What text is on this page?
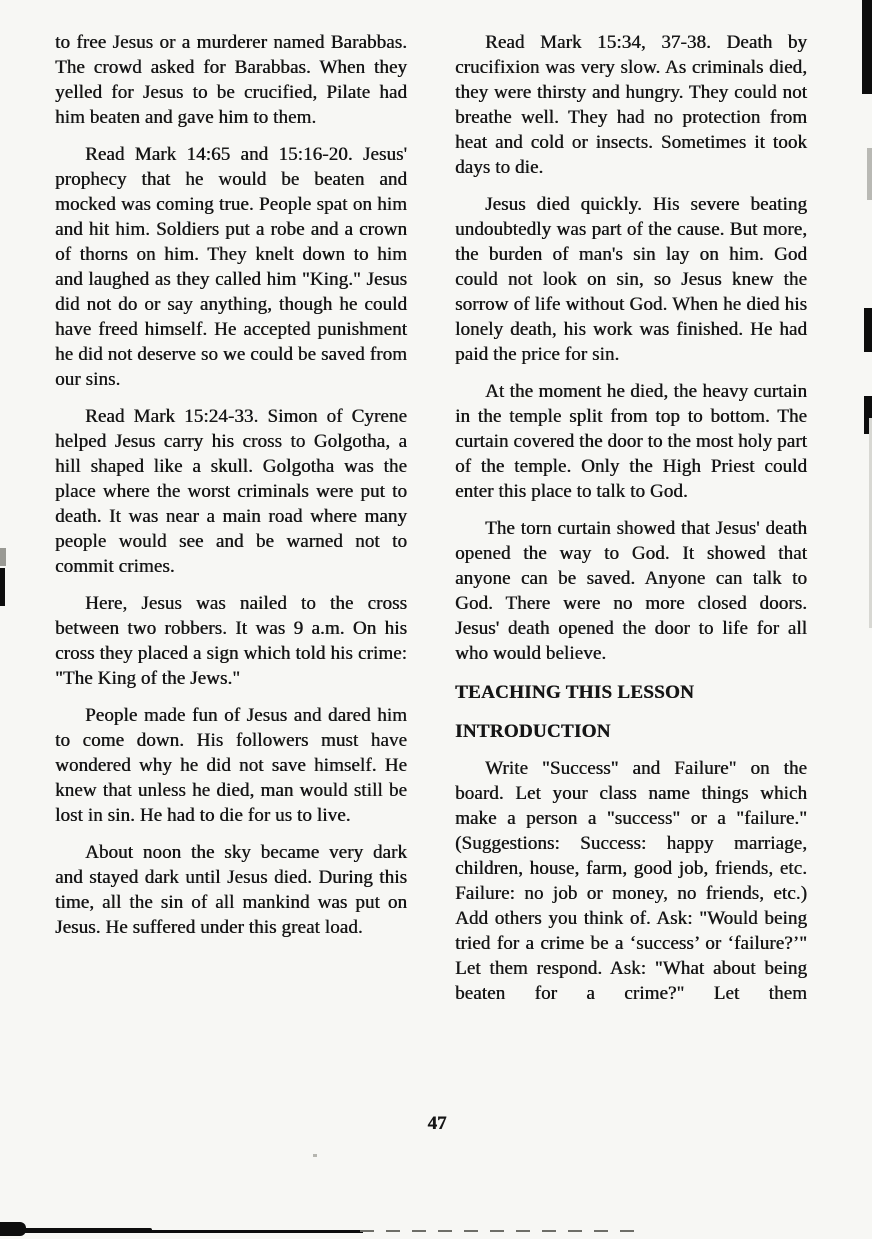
to free Jesus or a murderer named Barabbas. The crowd asked for Barabbas. When they yelled for Jesus to be crucified, Pilate had him beaten and gave him to them.

Read Mark 14:65 and 15:16-20. Jesus' prophecy that he would be beaten and mocked was coming true. People spat on him and hit him. Soldiers put a robe and a crown of thorns on him. They knelt down to him and laughed as they called him "King." Jesus did not do or say anything, though he could have freed himself. He accepted punishment he did not deserve so we could be saved from our sins.

Read Mark 15:24-33. Simon of Cyrene helped Jesus carry his cross to Golgotha, a hill shaped like a skull. Golgotha was the place where the worst criminals were put to death. It was near a main road where many people would see and be warned not to commit crimes.

Here, Jesus was nailed to the cross between two robbers. It was 9 a.m. On his cross they placed a sign which told his crime: "The King of the Jews."

People made fun of Jesus and dared him to come down. His followers must have wondered why he did not save himself. He knew that unless he died, man would still be lost in sin. He had to die for us to live.

About noon the sky became very dark and stayed dark until Jesus died. During this time, all the sin of all mankind was put on Jesus. He suffered under this great load.

Read Mark 15:34, 37-38. Death by crucifixion was very slow. As criminals died, they were thirsty and hungry. They could not breathe well. They had no protection from heat and cold or insects. Sometimes it took days to die.

Jesus died quickly. His severe beating undoubtedly was part of the cause. But more, the burden of man's sin lay on him. God could not look on sin, so Jesus knew the sorrow of life without God. When he died his lonely death, his work was finished. He had paid the price for sin.

At the moment he died, the heavy curtain in the temple split from top to bottom. The curtain covered the door to the most holy part of the temple. Only the High Priest could enter this place to talk to God.

The torn curtain showed that Jesus' death opened the way to God. It showed that anyone can be saved. Anyone can talk to God. There were no more closed doors. Jesus' death opened the door to life for all who would believe.

TEACHING THIS LESSON
INTRODUCTION

Write "Success" and Failure" on the board. Let your class name things which make a person a "success" or a "failure." (Suggestions: Success: happy marriage, children, house, farm, good job, friends, etc. Failure: no job or money, no friends, etc.) Add others you think of. Ask: "Would being tried for a crime be a ‘success’ or ‘failure?’" Let them respond. Ask: "What about being beaten for a crime?" Let them

47
